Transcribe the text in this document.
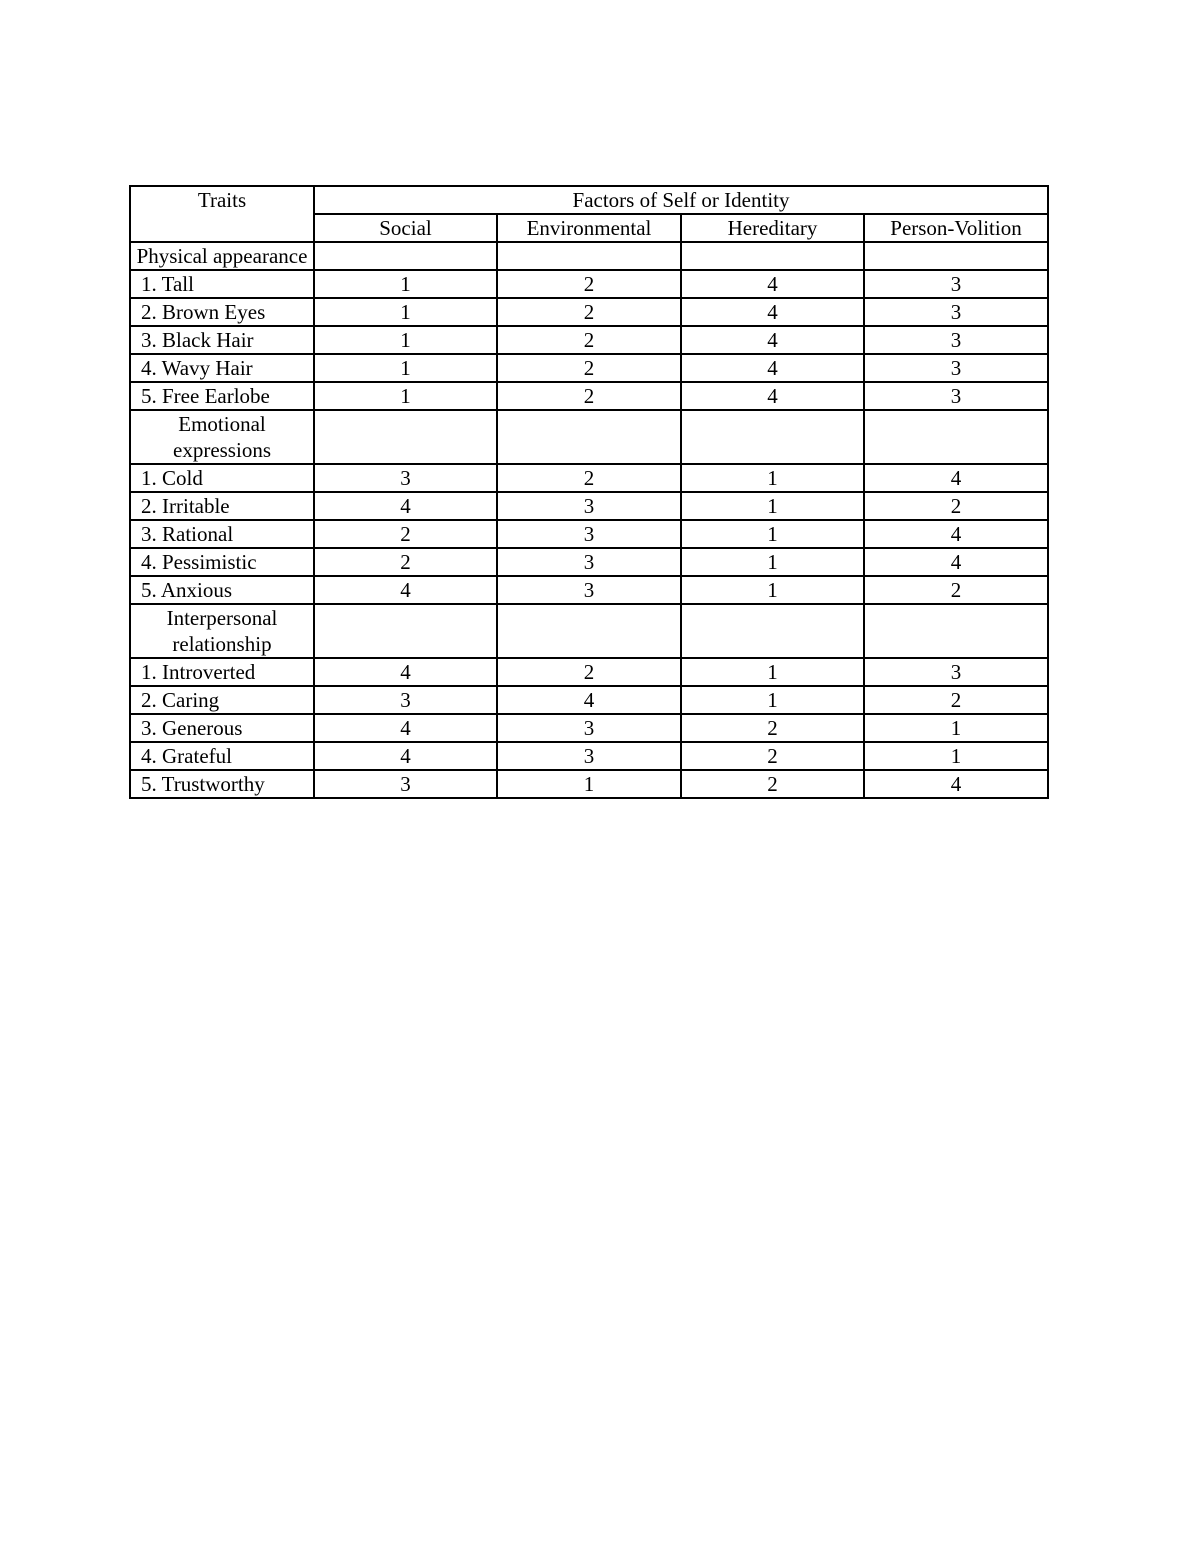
Traits	Factors of Self or Identity			
	Social	Environmental	Hereditary	Person-Volition
Physical appearance				
1. Tall	1	2	4	3
2. Brown Eyes	1	2	4	3
3. Black Hair	1	2	4	3
4. Wavy Hair	1	2	4	3
5. Free Earlobe	1	2	4	3
Emotional expressions				
1. Cold	3	2	1	4
2. Irritable	4	3	1	2
3. Rational	2	3	1	4
4. Pessimistic	2	3	1	4
5. Anxious	4	3	1	2
Interpersonal relationship				
1. Introverted	4	2	1	3
2. Caring	3	4	1	2
3. Generous	4	3	2	1
4. Grateful	4	3	2	1
5. Trustworthy	3	1	2	4
